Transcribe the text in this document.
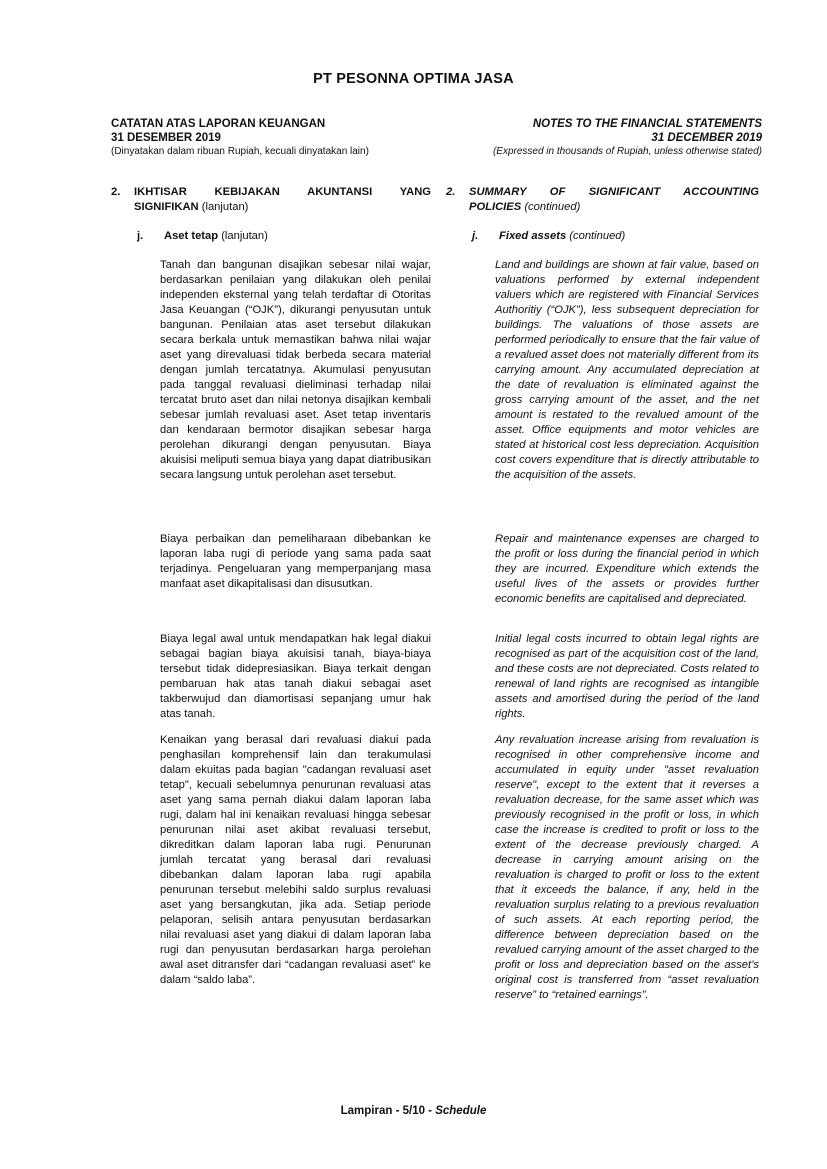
PT PESONNA OPTIMA JASA
CATATAN ATAS LAPORAN KEUANGAN
31 DESEMBER 2019
(Dinyatakan dalam ribuan Rupiah, kecuali dinyatakan lain)
NOTES TO THE FINANCIAL STATEMENTS
31 DECEMBER 2019
(Expressed in thousands of Rupiah, unless otherwise stated)
2. IKHTISAR KEBIJAKAN AKUNTANSI YANG
SIGNIFIKAN (lanjutan)
j. Aset tetap (lanjutan)

Tanah dan bangunan disajikan sebesar nilai wajar, berdasarkan penilaian yang dilakukan oleh penilai independen eksternal yang telah terdaftar di Otoritas Jasa Keuangan (“OJK”), dikurangi penyusutan untuk bangunan. Penilaian atas aset tersebut dilakukan secara berkala untuk memastikan bahwa nilai wajar aset yang direvaluasi tidak berbeda secara material dengan jumlah tercatatnya. Akumulasi penyusutan pada tanggal revaluasi dieliminasi terhadap nilai tercatat bruto aset dan nilai netonya disajikan kembali sebesar jumlah revaluasi aset. Aset tetap inventaris dan kendaraan bermotor disajikan sebesar harga perolehan dikurangi dengan penyusutan. Biaya akuisisi meliputi semua biaya yang dapat diatribusikan secara langsung untuk perolehan aset tersebut.

Biaya perbaikan dan pemeliharaan dibebankan ke laporan laba rugi di periode yang sama pada saat terjadinya. Pengeluaran yang memperpanjang masa manfaat aset dikapitalisasi dan disusutkan.

Biaya legal awal untuk mendapatkan hak legal diakui sebagai bagian biaya akuisisi tanah, biaya-biaya tersebut tidak didepresiasikan. Biaya terkait dengan pembaruan hak atas tanah diakui sebagai aset takberwujud dan diamortisasi sepanjang umur hak atas tanah.

Kenaikan yang berasal dari revaluasi diakui pada penghasilan komprehensif lain dan terakumulasi dalam ekuitas pada bagian "cadangan revaluasi aset tetap", kecuali sebelumnya penurunan revaluasi atas aset yang sama pernah diakui dalam laporan laba rugi, dalam hal ini kenaikan revaluasi hingga sebesar penurunan nilai aset akibat revaluasi tersebut, dikreditkan dalam laporan laba rugi. Penurunan jumlah tercatat yang berasal dari revaluasi dibebankan dalam laporan laba rugi apabila penurunan tersebut melebihi saldo surplus revaluasi aset yang bersangkutan, jika ada. Setiap periode pelaporan, selisih antara penyusutan berdasarkan nilai revaluasi aset yang diakui di dalam laporan laba rugi dan penyusutan berdasarkan harga perolehan awal aset ditransfer dari “cadangan revaluasi aset” ke dalam “saldo laba”.

2. SUMMARY OF SIGNIFICANT ACCOUNTING
POLICIES (continued)
j. Fixed assets (continued)

Land and buildings are shown at fair value, based on valuations performed by external independent valuers which are registered with Financial Services Authoritiy (“OJK”), less subsequent depreciation for buildings. The valuations of those assets are performed periodically to ensure that the fair value of a revalued asset does not materially different from its carrying amount. Any accumulated depreciation at the date of revaluation is eliminated against the gross carrying amount of the asset, and the net amount is restated to the revalued amount of the asset. Office equipments and motor vehicles are stated at historical cost less depreciation. Acquisition cost covers expenditure that is directly attributable to the acquisition of the assets.

Repair and maintenance expenses are charged to the profit or loss during the financial period in which they are incurred. Expenditure which extends the useful lives of the assets or provides further economic benefits are capitalised and depreciated.

Initial legal costs incurred to obtain legal rights are recognised as part of the acquisition cost of the land, and these costs are not depreciated. Costs related to renewal of land rights are recognised as intangible assets and amortised during the period of the land rights.

Any revaluation increase arising from revaluation is recognised in other comprehensive income and accumulated in equity under "asset revaluation reserve", except to the extent that it reverses a revaluation decrease, for the same asset which was previously recognised in the profit or loss, in which case the increase is credited to profit or loss to the extent of the decrease previously charged. A decrease in carrying amount arising on the revaluation is charged to profit or loss to the extent that it exceeds the balance, if any, held in the revaluation surplus relating to a previous revaluation of such assets. At each reporting period, the difference between depreciation based on the revalued carrying amount of the asset charged to the profit or loss and depreciation based on the asset’s original cost is transferred from “asset revaluation reserve” to “retained earnings”.

Lampiran - 5/10 - Schedule
